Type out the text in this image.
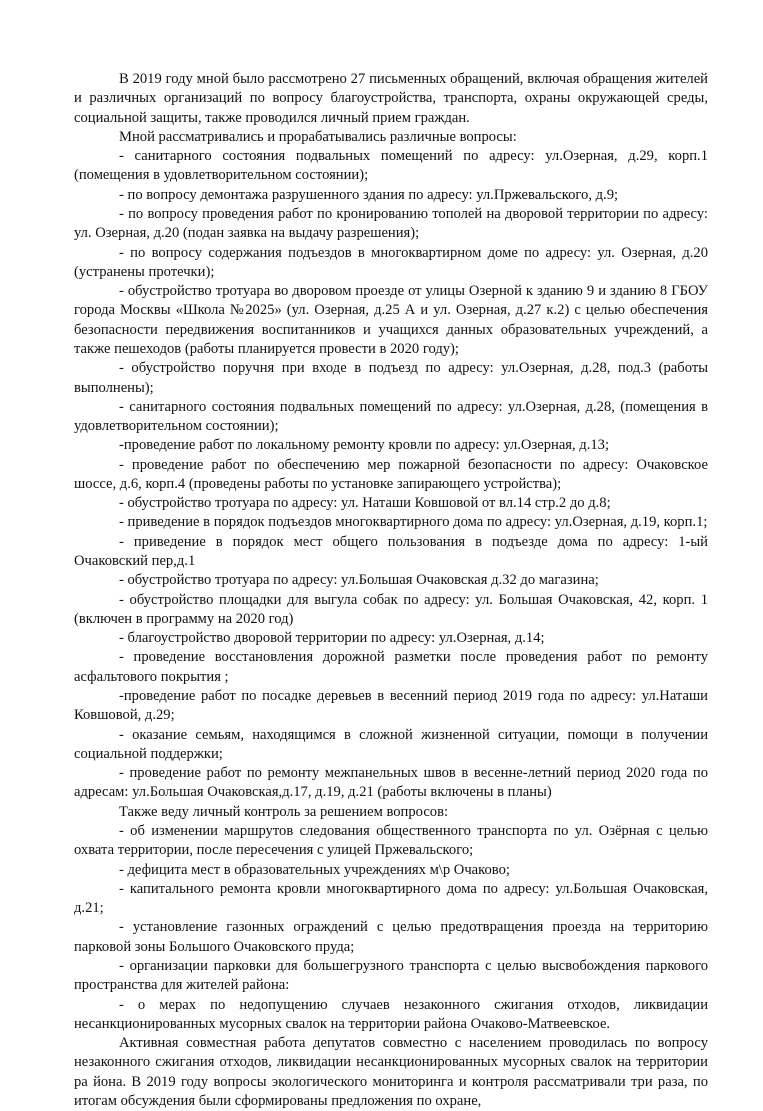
В 2019 году мной было рассмотрено 27 письменных обращений, включая обращения жителей и различных организаций по вопросу благоустройства, транспорта, охраны окружающей среды, социальной защиты, также проводился личный прием граждан.

Мной рассматривались и прорабатывались различные вопросы:

- санитарного состояния подвальных помещений по адресу: ул.Озерная, д.29, корп.1 (помещения в удовлетворительном состоянии);

- по вопросу демонтажа разрушенного здания по адресу: ул.Пржевальского, д.9;

- по вопросу проведения работ по кронированию тополей на дворовой территории по адресу: ул. Озерная, д.20 (подан заявка на выдачу разрешения);

- по вопросу содержания подъездов в многоквартирном доме по адресу: ул. Озерная, д.20 (устранены протечки);

- обустройство тротуара во дворовом проезде от улицы Озерной к зданию 9 и зданию 8 ГБОУ города Москвы «Школа №2025» (ул. Озерная, д.25 А и ул. Озерная, д.27 к.2) с целью обеспечения безопасности передвижения воспитанников и учащихся данных образовательных учреждений, а также пешеходов (работы планируется провести в 2020 году);

- обустройство поручня при входе в подъезд по адресу: ул.Озерная, д.28, под.3 (работы выполнены);

- санитарного состояния подвальных помещений по адресу: ул.Озерная, д.28, (помещения в удовлетворительном состоянии);

-проведение работ по локальному ремонту кровли по адресу: ул.Озерная, д.13;

- проведение работ по обеспечению мер пожарной безопасности по адресу: Очаковское шоссе, д.6, корп.4 (проведены работы по установке запирающего устройства);

- обустройство тротуара по адресу: ул. Наташи Ковшовой от вл.14 стр.2 до д.8;

- приведение в порядок подъездов многоквартирного дома по адресу: ул.Озерная, д.19, корп.1;

- приведение в порядок мест общего пользования в подъезде дома по адресу: 1-ый Очаковский пер,д.1

- обустройство тротуара по адресу: ул.Большая Очаковская д.32 до магазина;

- обустройство площадки для выгула собак по адресу: ул. Большая Очаковская, 42, корп. 1 (включен в программу на 2020 год)

- благоустройство дворовой территории по адресу: ул.Озерная, д.14;

- проведение восстановления дорожной разметки после проведения работ по ремонту асфальтового покрытия ;

-проведение работ по посадке деревьев в весенний период 2019 года по адресу: ул.Наташи Ковшовой, д.29;

- оказание семьям, находящимся в сложной жизненной ситуации, помощи в получении социальной поддержки;

- проведение работ по ремонту межпанельных швов в весенне-летний период 2020 года по адресам: ул.Большая Очаковская,д.17, д.19, д.21 (работы включены в планы)

Также веду личный контроль за решением вопросов:

- об изменении маршрутов следования общественного транспорта по ул. Озёрная с целью охвата территории, после пересечения с улицей Пржевальского;

- дефицита мест в образовательных учреждениях м\р Очаково;

- капитального ремонта кровли многоквартирного дома по адресу: ул.Большая Очаковская, д.21;

- установление газонных ограждений с целью предотвращения проезда на территорию парковой зоны Большого Очаковского пруда;

- организации парковки для большегрузного транспорта с целью высвобождения паркового пространства для жителей района:

- о мерах по недопущению случаев незаконного сжигания отходов, ликвидации несанкционированных мусорных свалок на территории района Очаково-Матвеевское.

Активная совместная работа депутатов совместно с населением проводилась по вопросу незаконного сжигания отходов, ликвидации несанкционированных мусорных свалок на территории ра йона. В 2019 году вопросы экологического мониторинга и контроля рассматривали три раза, по итогам обсуждения были сформированы предложения по охране,
